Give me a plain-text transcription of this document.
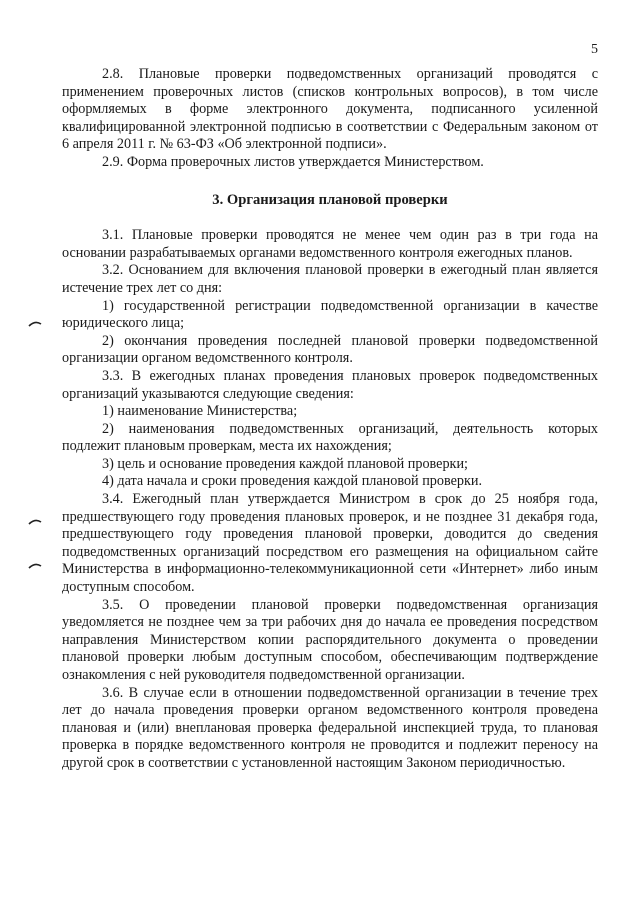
5

2.8. Плановые проверки подведомственных организаций проводятся с применением проверочных листов (списков контрольных вопросов), в том числе оформляемых в форме электронного документа, подписанного усиленной квалифицированной электронной подписью в соответствии с Федеральным законом от 6 апреля 2011 г. № 63-ФЗ «Об электронной подписи».

2.9. Форма проверочных листов утверждается Министерством.

3. Организация плановой проверки

3.1. Плановые проверки проводятся не менее чем один раз в три года на основании разрабатываемых органами ведомственного контроля ежегодных планов.

3.2. Основанием для включения плановой проверки в ежегодный план является истечение трех лет со дня:

1) государственной регистрации подведомственной организации в качестве юридического лица;

2) окончания проведения последней плановой проверки подведомственной организации органом ведомственного контроля.

3.3. В ежегодных планах проведения плановых проверок подведомственных организаций указываются следующие сведения:

1) наименование Министерства;

2) наименования подведомственных организаций, деятельность которых подлежит плановым проверкам, места их нахождения;

3) цель и основание проведения каждой плановой проверки;

4) дата начала и сроки проведения каждой плановой проверки.

3.4. Ежегодный план утверждается Министром в срок до 25 ноября года, предшествующего году проведения плановых проверок, и не позднее 31 декабря года, предшествующего году проведения плановой проверки, доводится до сведения подведомственных организаций посредством его размещения на официальном сайте Министерства в информационно-телекоммуникационной сети «Интернет» либо иным доступным способом.

3.5. О проведении плановой проверки подведомственная организация уведомляется не позднее чем за три рабочих дня до начала ее проведения посредством направления Министерством копии распорядительного документа о проведении плановой проверки любым доступным способом, обеспечивающим подтверждение ознакомления с ней руководителя подведомственной организации.

3.6. В случае если в отношении подведомственной организации в течение трех лет до начала проведения проверки органом ведомственного контроля проведена плановая и (или) внеплановая проверка федеральной инспекцией труда, то плановая проверка в порядке ведомственного контроля не проводится и подлежит переносу на другой срок в соответствии с установленной настоящим Законом периодичностью.
